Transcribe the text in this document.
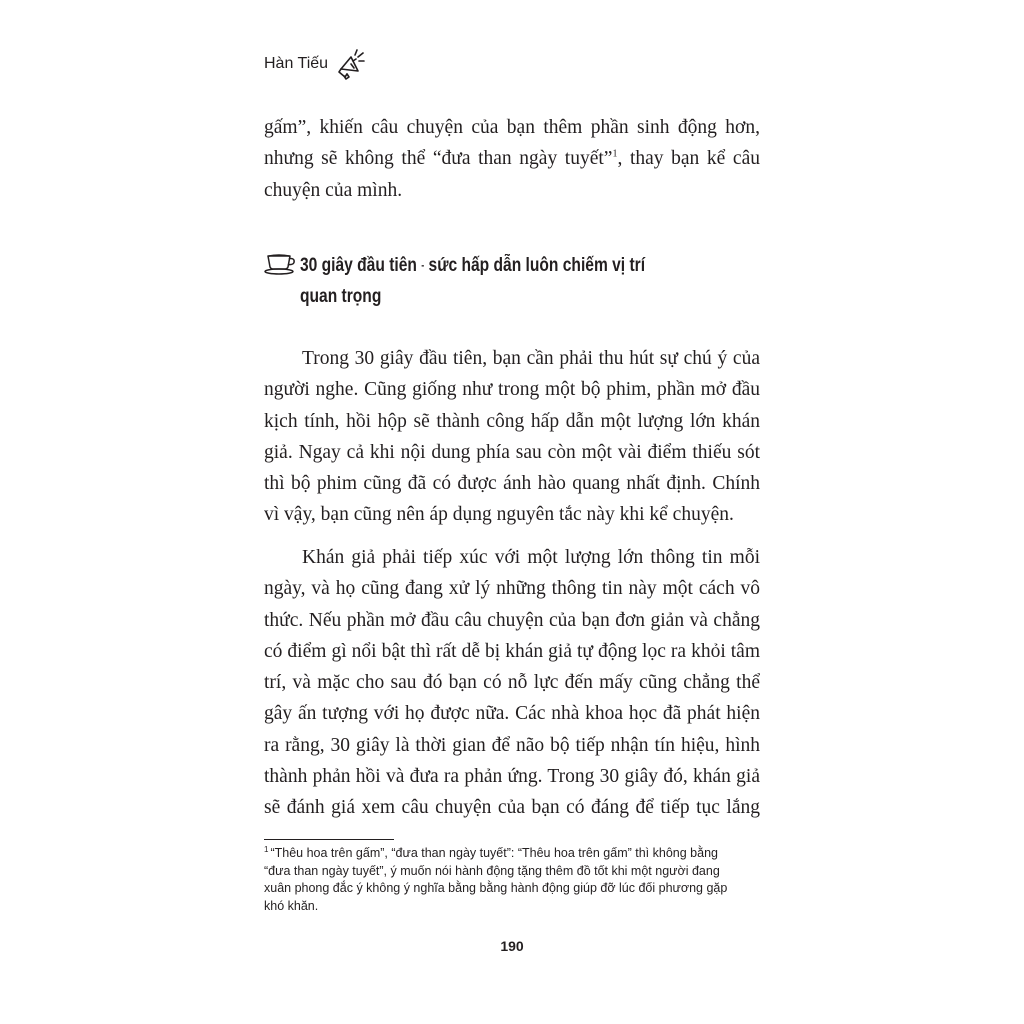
Hàn Tiếu

gấm”, khiến câu chuyện của bạn thêm phần sinh động hơn,
nhưng sẽ không thể “đưa than ngày tuyết”$^1$, thay bạn kể câu
chuyện của mình.

30 giây đầu tiên - sức hấp dẫn luôn chiếm vị trí
quan trọng

Trong 30 giây đầu tiên, bạn cần phải thu hút sự chú ý của
người nghe. Cũng giống như trong một bộ phim, phần mở đầu
kịch tính, hồi hộp sẽ thành công hấp dẫn một lượng lớn khán
giả. Ngay cả khi nội dung phía sau còn một vài điểm thiếu sót
thì bộ phim cũng đã có được ánh hào quang nhất định. Chính
vì vậy, bạn cũng nên áp dụng nguyên tắc này khi kể chuyện.

Khán giả phải tiếp xúc với một lượng lớn thông tin mỗi
ngày, và họ cũng đang xử lý những thông tin này một cách vô
thức. Nếu phần mở đầu câu chuyện của bạn đơn giản và chẳng
có điểm gì nổi bật thì rất dễ bị khán giả tự động lọc ra khỏi tâm
trí, và mặc cho sau đó bạn có nỗ lực đến mấy cũng chẳng thể
gây ấn tượng với họ được nữa. Các nhà khoa học đã phát hiện
ra rằng, 30 giây là thời gian để não bộ tiếp nhận tín hiệu, hình
thành phản hồi và đưa ra phản ứng. Trong 30 giây đó, khán giả
sẽ đánh giá xem câu chuyện của bạn có đáng để tiếp tục lắng

$^1$ “Thêu hoa trên gấm”, “đưa than ngày tuyết”: “Thêu hoa trên gấm” thì không bằng
“đưa than ngày tuyết”, ý muốn nói hành động tặng thêm đồ tốt khi một người đang
xuân phong đắc ý không ý nghĩa bằng bằng hành động giúp đỡ lúc đối phương gặp
khó khăn.

190
